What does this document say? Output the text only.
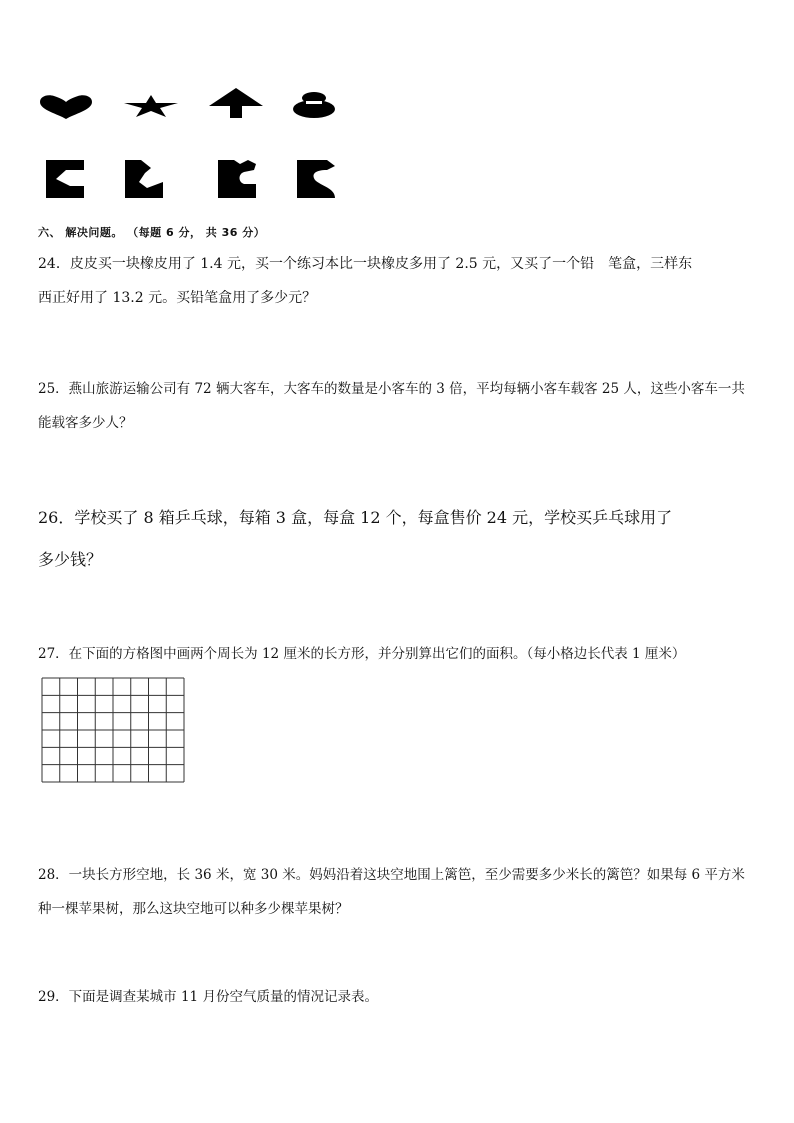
六、 解决问题。 （每题 6 分， 共 36 分）
24．皮皮买一块橡皮用了 1.4 元，买一个练习本比一块橡皮多用了 2.5 元，又买了一个铅　笔盒，三样东
西正好用了 13.2 元。买铅笔盒用了多少元？
25．燕山旅游运输公司有 72 辆大客车，大客车的数量是小客车的 3 倍，平均每辆小客车载客 25 人，这些小客车一共
能载客多少人？
26．学校买了 8 箱乒乓球，每箱 3 盒，每盒 12 个，每盒售价 24 元，学校买乒乓球用了
多少钱？
27．在下面的方格图中画两个周长为 12 厘米的长方形，并分别算出它们的面积。（每小格边长代表 1 厘米）
28．一块长方形空地，长 36 米，宽 30 米。妈妈沿着这块空地围上篱笆，至少需要多少米长的篱笆？如果每 6 平方米
种一棵苹果树，那么这块空地可以种多少棵苹果树？
29．下面是调查某城市 11 月份空气质量的情况记录表。
